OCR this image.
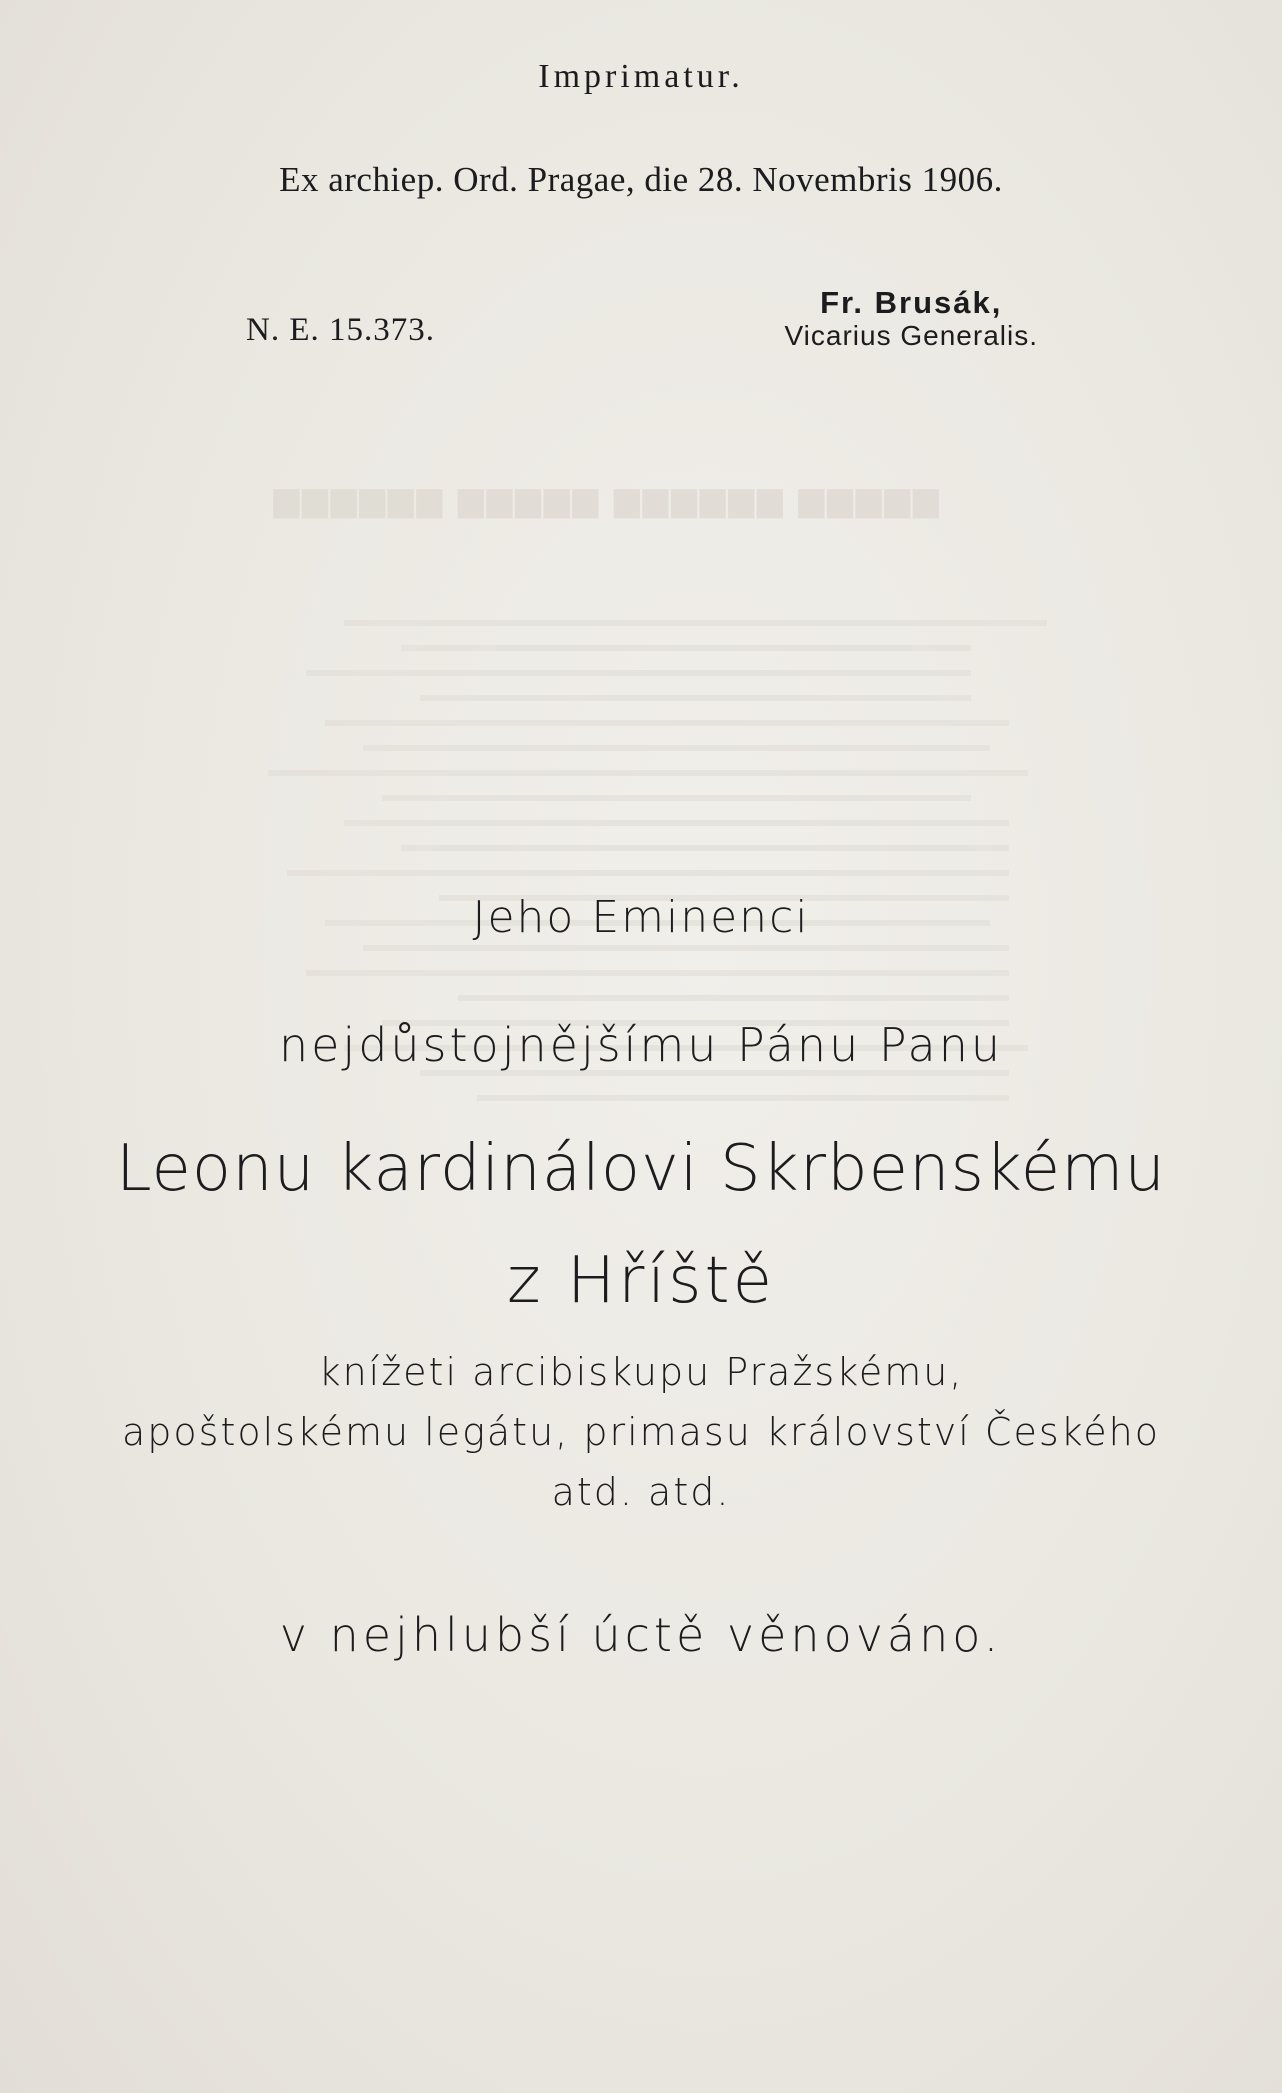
▆▆▆▆▆ ▆▆▆▆▆▆ ▆▆▆▆▆ ▆▆▆▆▆▆
Imprimatur.
Ex archiep. Ord. Pragae, die 28. Novembris 1906.
N. E. 15.373.
Fr. Brusák,
Vicarius Generalis.
Jeho Eminenci
nejdůstojnějšímu Pánu Panu
Leonu kardinálovi Skrbenskému
z Hříště
knížeti arcibiskupu Pražskému,
apoštolskému legátu, primasu království Českého
atd. atd.
v nejhlubší úctě věnováno.
